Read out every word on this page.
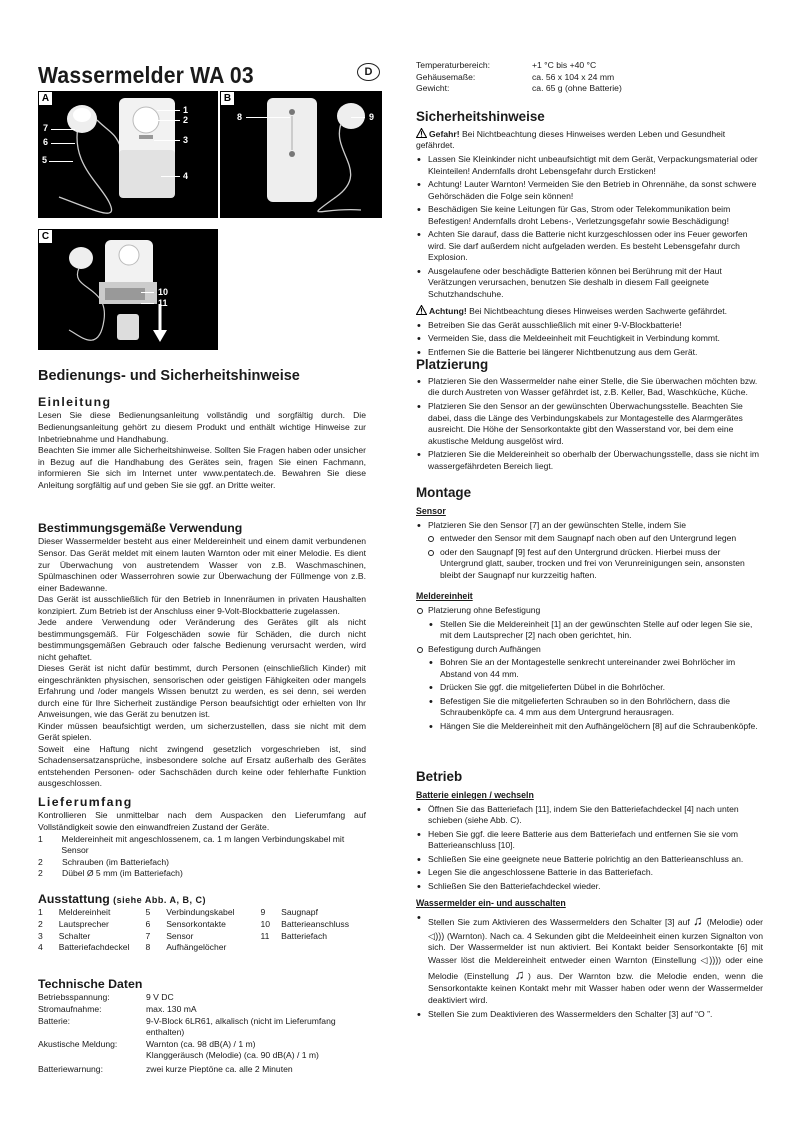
Wassermelder WA 03	D
A
1
2
3
4
5
6
7
B
8	9
C
10
11
Bedienungs- und Sicherheitshinweise
Einleitung

Lesen Sie diese Bedienungsanleitung vollständig und sorgfältig durch. Die Bedienungsanleitung gehört zu diesem Produkt und enthält wichtige Hinweise zur Inbetriebnahme und Handhabung.

Beachten Sie immer alle Sicherheitshinweise. Sollten Sie Fragen haben oder unsicher in Bezug auf die Handhabung des Gerätes sein, fragen Sie einen Fachmann, informieren Sie sich im Internet unter www.pentatech.de. Bewahren Sie diese Anleitung sorgfältig auf und geben Sie sie ggf. an Dritte weiter.

Bestimmungsgemäße Verwendung

Dieser Wassermelder besteht aus einer Meldereinheit und einem damit verbundenen Sensor. Das Gerät meldet mit einem lauten Warnton oder mit einer Melodie. Es dient zur Überwachung von austretendem Wasser von z.B. Waschmaschinen, Spülmaschinen oder Wasserrohren sowie zur Überwachung der Füllmenge von z.B. einer Badewanne.

Das Gerät ist ausschließlich für den Betrieb in Innenräumen in privaten Haushalten konzipiert. Zum Betrieb ist der Anschluss einer 9-Volt-Blockbatterie zugelassen.

Jede andere Verwendung oder Veränderung des Gerätes gilt als nicht bestimmungsgemäß. Für Folgeschäden sowie für Schäden, die durch nicht bestimmungsgemäßen Gebrauch oder falsche Bedienung verursacht werden, wird nicht gehaftet.

Dieses Gerät ist nicht dafür bestimmt, durch Personen (einschließlich Kinder) mit eingeschränkten physischen, sensorischen oder geistigen Fähigkeiten oder mangels Erfahrung und /oder mangels Wissen benutzt zu werden, es sei denn, sei werden durch eine für Ihre Sicherheit zuständige Person beaufsichtigt oder erhielten von Ihr Anweisungen, wie das Gerät zu benutzen ist.

Kinder müssen beaufsichtigt werden, um sicherzustellen, dass sie nicht mit dem Gerät spielen.

Soweit eine Haftung nicht zwingend gesetzlich vorgeschrieben ist, sind Schadensersatzansprüche, insbesondere solche auf Ersatz außerhalb des Gerätes entstehenden Personen- oder Sachschäden durch keine oder fehlerhafte Funktion ausgeschlossen.

Lieferumfang

Kontrollieren Sie unmittelbar nach dem Auspacken den Lieferumfang auf Vollständigkeit sowie den einwandfreien Zustand der Geräte.

1	Meldereinheit mit angeschlossenem, ca. 1 m langen Verbindungskabel mit Sensor
2	Schrauben (im Batteriefach)
2	Dübel Ø 5 mm (im Batteriefach)
Ausstattung (siehe Abb. A, B, C)
1	Meldereinheit	5	Verbindungskabel	9	Saugnapf
2	Lautsprecher	6	Sensorkontakte	10	Batterieanschluss
3	Schalter	7	Sensor	11	Batteriefach
4	Batteriefachdeckel	8	Aufhängelöcher
Technische Daten
Betriebsspannung:	9 V DC
Stromaufnahme:	max. 130 mA
Batterie:	9-V-Block 6LR61, alkalisch (nicht im Lieferumfang enthalten)
Akustische Meldung:	Warnton (ca. 98 dB(A) / 1 m)
Klanggeräusch (Melodie) (ca. 90 dB(A) / 1 m)
Batteriewarnung:	zwei kurze Pieptöne ca. alle 2 Minuten
Temperaturbereich:	+1 °C bis +40 °C
Gehäusemaße:	ca. 56 x 104 x 24 mm
Gewicht:	ca. 65 g (ohne Batterie)
Sicherheitshinweise
Gefahr! Bei Nichtbeachtung dieses Hinweises werden Leben und Gesundheit gefährdet.
• Lassen Sie Kleinkinder nicht unbeaufsichtigt mit dem Gerät, Verpackungsmaterial oder Kleinteilen! Andernfalls droht Lebensgefahr durch Ersticken!
• Achtung! Lauter Warnton! Vermeiden Sie den Betrieb in Ohrennähe, da sonst schwere Gehörschäden die Folge sein können!
• Beschädigen Sie keine Leitungen für Gas, Strom oder Telekommunikation beim Befestigen! Andernfalls droht Lebens-, Verletzungsgefahr sowie Beschädigung!
• Achten Sie darauf, dass die Batterie nicht kurzgeschlossen oder ins Feuer geworfen wird. Sie darf außerdem nicht aufgeladen werden. Es besteht Lebensgefahr durch Explosion.
• Ausgelaufene oder beschädigte Batterien können bei Berührung mit der Haut Verätzungen verursachen, benutzen Sie deshalb in diesem Fall geeignete Schutzhandschuhe.
Achtung! Bei Nichtbeachtung dieses Hinweises werden Sachwerte gefährdet.
• Betreiben Sie das Gerät ausschließlich mit einer 9-V-Blockbatterie!
• Vermeiden Sie, dass die Meldeeinheit mit Feuchtigkeit in Verbindung kommt.
• Entfernen Sie die Batterie bei längerer Nichtbenutzung aus dem Gerät.
Platzierung
• Platzieren Sie den Wassermelder nahe einer Stelle, die Sie überwachen möchten bzw. die durch Austreten von Wasser gefährdet ist, z.B. Keller, Bad, Waschküche, Küche.
• Platzieren Sie den Sensor an der gewünschten Überwachungsstelle. Beachten Sie dabei, dass die Länge des Verbindungskabels zur Montagestelle des Alarmgerätes ausreicht. Die Höhe der Sensorkontakte gibt den Wasserstand vor, bei dem eine akustische Meldung ausgelöst wird.
• Platzieren Sie die Meldereinheit so oberhalb der Überwachungsstelle, dass sie nicht im wassergefährdeten Bereich liegt.
Montage
Sensor
• Platzieren Sie den Sensor [7] an der gewünschten Stelle, indem Sie
entweder den Sensor mit dem Saugnapf nach oben auf den Untergrund legen
oder den Saugnapf [9] fest auf den Untergrund drücken. Hierbei muss der Untergrund glatt, sauber, trocken und frei von Verunreinigungen sein, ansonsten bleibt der Saugnapf nur kurzzeitig haften.
Meldereinheit
Platzierung ohne Befestigung
• Stellen Sie die Meldereinheit [1] an der gewünschten Stelle auf oder legen Sie sie, mit dem Lautsprecher [2] nach oben gerichtet, hin.
Befestigung durch Aufhängen
• Bohren Sie an der Montagestelle senkrecht untereinander zwei Bohrlöcher im Abstand von 44 mm.
• Drücken Sie ggf. die mitgelieferten Dübel in die Bohrlöcher.
• Befestigen Sie die mitgelieferten Schrauben so in den Bohrlöchern, dass die Schraubenköpfe ca. 4 mm aus dem Untergrund herausragen.
• Hängen Sie die Meldereinheit mit den Aufhängelöchern [8] auf die Schraubenköpfe.
Betrieb
Batterie einlegen / wechseln
• Öffnen Sie das Batteriefach [11], indem Sie den Batteriefachdeckel [4] nach unten schieben (siehe Abb. C).
• Heben Sie ggf. die leere Batterie aus dem Batteriefach und entfernen Sie sie vom Batterieanschluss [10].
• Schließen Sie eine geeignete neue Batterie polrichtig an den Batterieanschluss an.
• Legen Sie die angeschlossene Batterie in das Batteriefach.
• Schließen Sie den Batteriefachdeckel wieder.
Wassermelder ein- und ausschalten
• Stellen Sie zum Aktivieren des Wassermelders den Schalter [3] auf ♫ (Melodie) oder ◁))) (Warnton). Nach ca. 4 Sekunden gibt die Meldeeinheit einen kurzen Signalton von sich. Der Wassermelder ist nun aktiviert. Bei Kontakt beider Sensorkontakte [6] mit Wasser löst die Meldereinheit entweder einen Warnton (Einstellung ◁)))) oder eine Melodie (Einstellung ♫) aus. Der Warnton bzw. die Melodie enden, wenn die Sensorkontakte keinen Kontakt mehr mit Wasser haben oder wenn der Wassermelder deaktiviert wird.
• Stellen Sie zum Deaktivieren des Wassermelders den Schalter [3] auf “O ”.
